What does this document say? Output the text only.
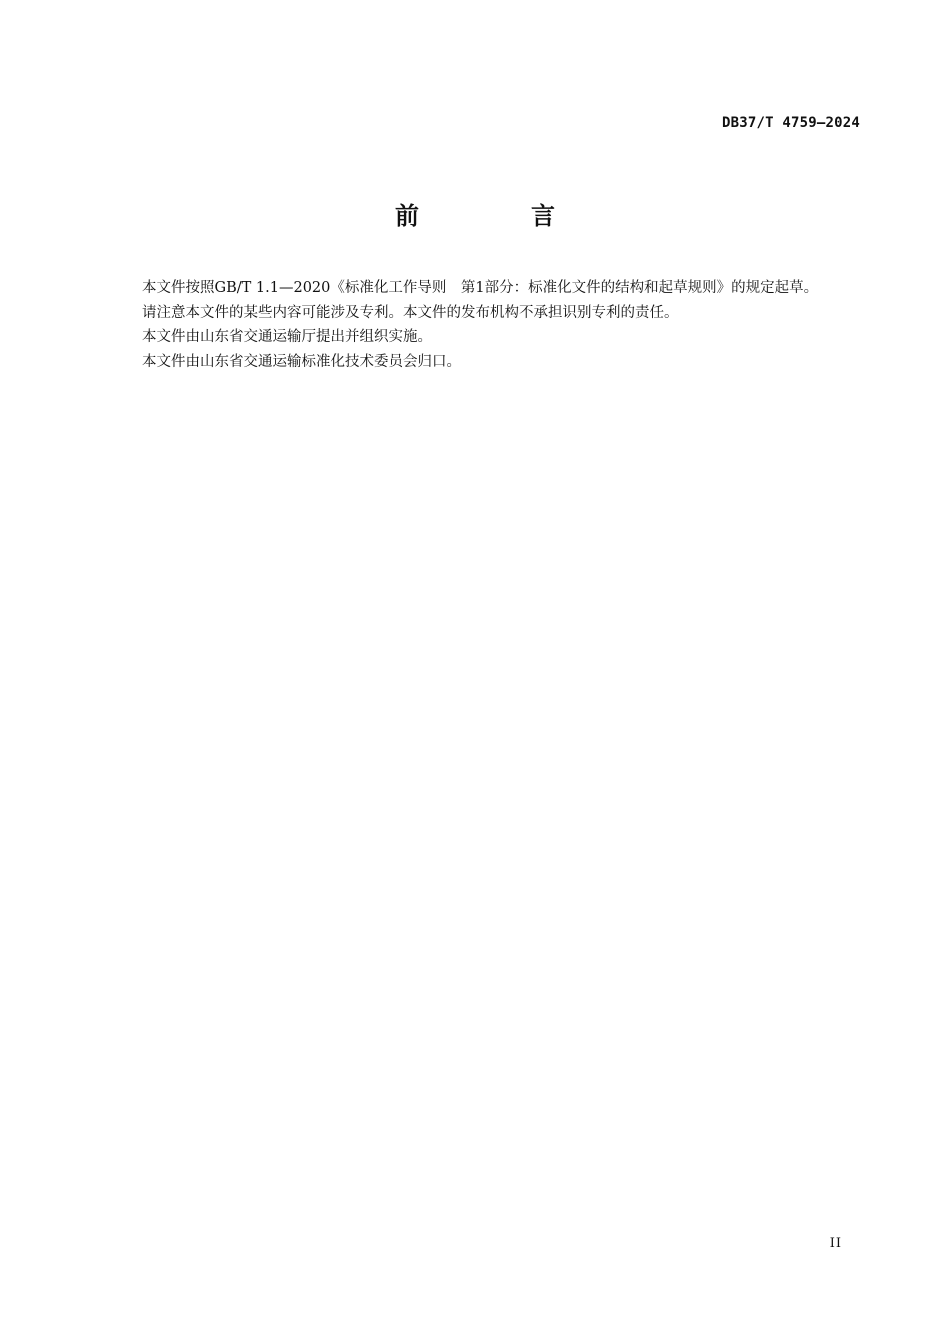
DB37/T 4759—2024
前　言

本文件按照GB/T 1.1—2020《标准化工作导则　第1部分：标准化文件的结构和起草规则》的规定起草。

请注意本文件的某些内容可能涉及专利。本文件的发布机构不承担识别专利的责任。

本文件由山东省交通运输厅提出并组织实施。

本文件由山东省交通运输标准化技术委员会归口。

II
